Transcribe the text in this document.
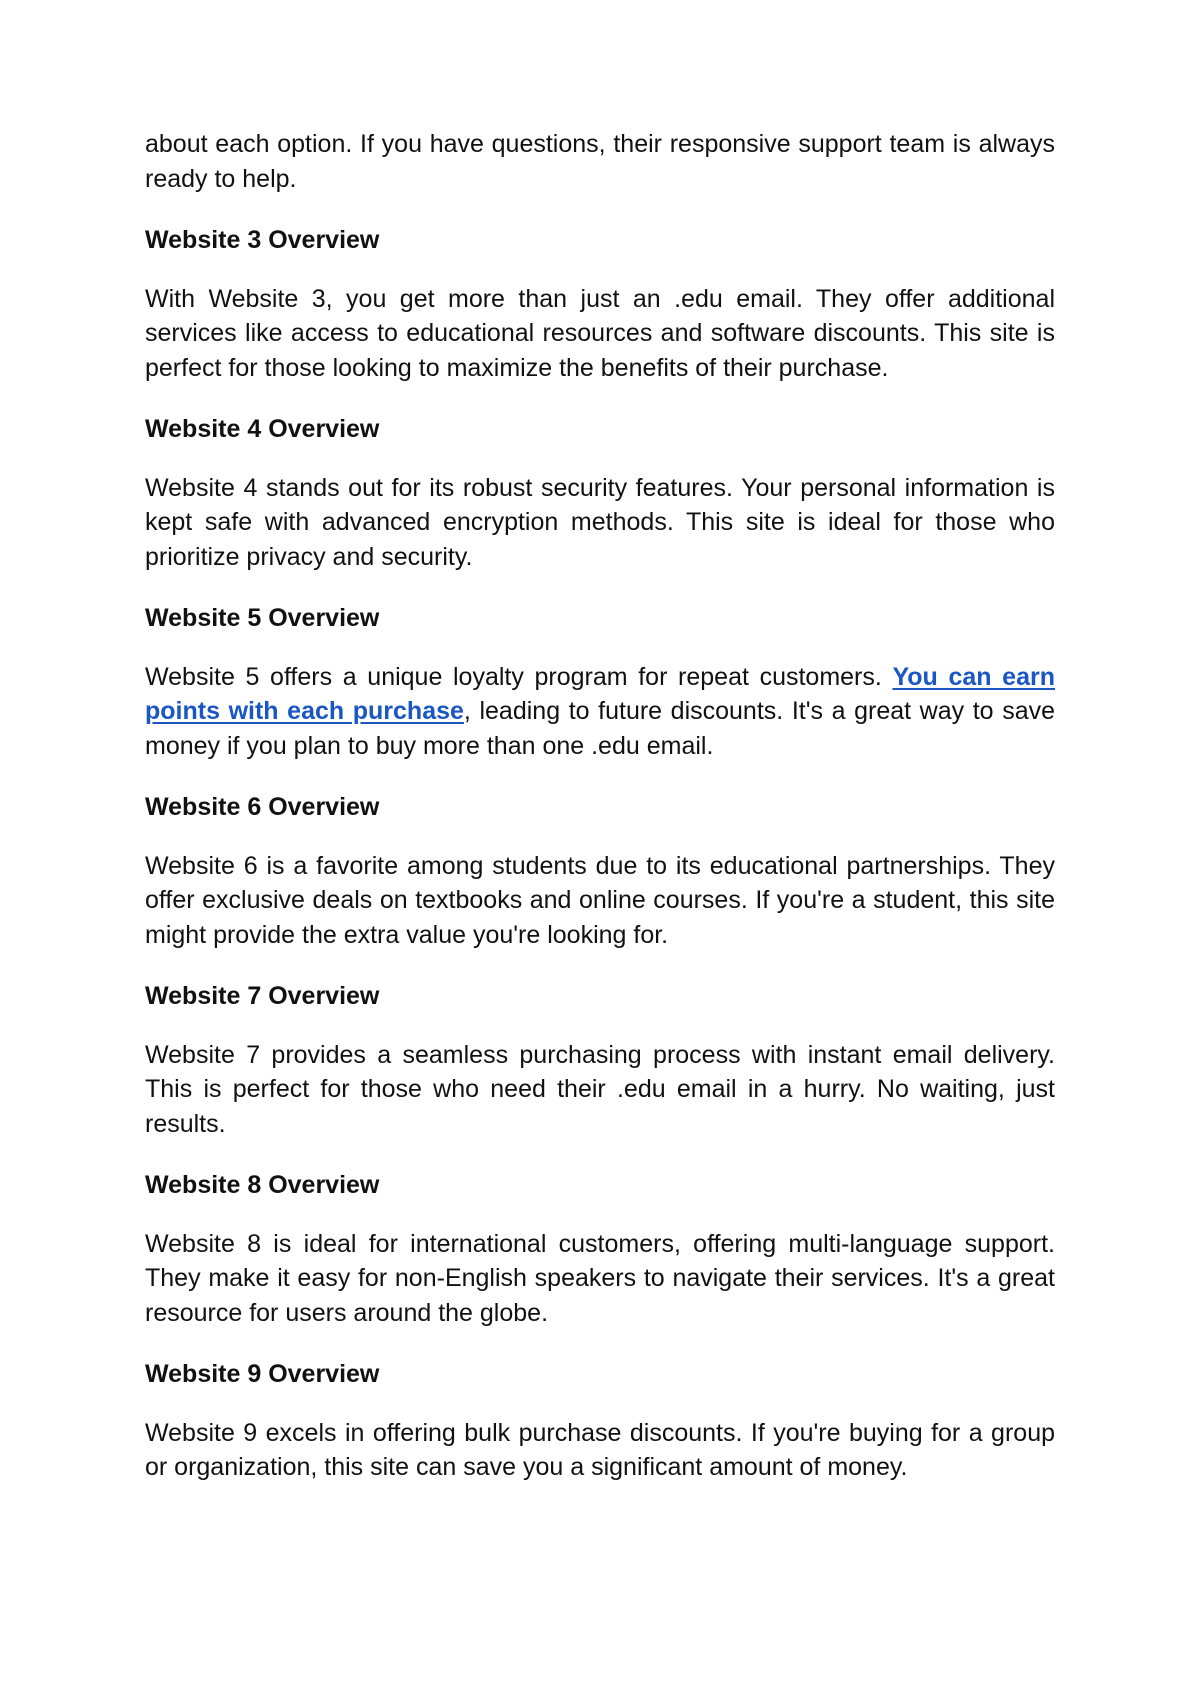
about each option. If you have questions, their responsive support team is always ready to help.

Website 3 Overview

With Website 3, you get more than just an .edu email. They offer additional services like access to educational resources and software discounts. This site is perfect for those looking to maximize the benefits of their purchase.

Website 4 Overview

Website 4 stands out for its robust security features. Your personal information is kept safe with advanced encryption methods. This site is ideal for those who prioritize privacy and security.

Website 5 Overview

Website 5 offers a unique loyalty program for repeat customers. You can earn points with each purchase, leading to future discounts. It's a great way to save money if you plan to buy more than one .edu email.

Website 6 Overview

Website 6 is a favorite among students due to its educational partnerships. They offer exclusive deals on textbooks and online courses. If you're a student, this site might provide the extra value you're looking for.

Website 7 Overview

Website 7 provides a seamless purchasing process with instant email delivery. This is perfect for those who need their .edu email in a hurry. No waiting, just results.

Website 8 Overview

Website 8 is ideal for international customers, offering multi-language support. They make it easy for non-English speakers to navigate their services. It's a great resource for users around the globe.

Website 9 Overview

Website 9 excels in offering bulk purchase discounts. If you're buying for a group or organization, this site can save you a significant amount of money.
